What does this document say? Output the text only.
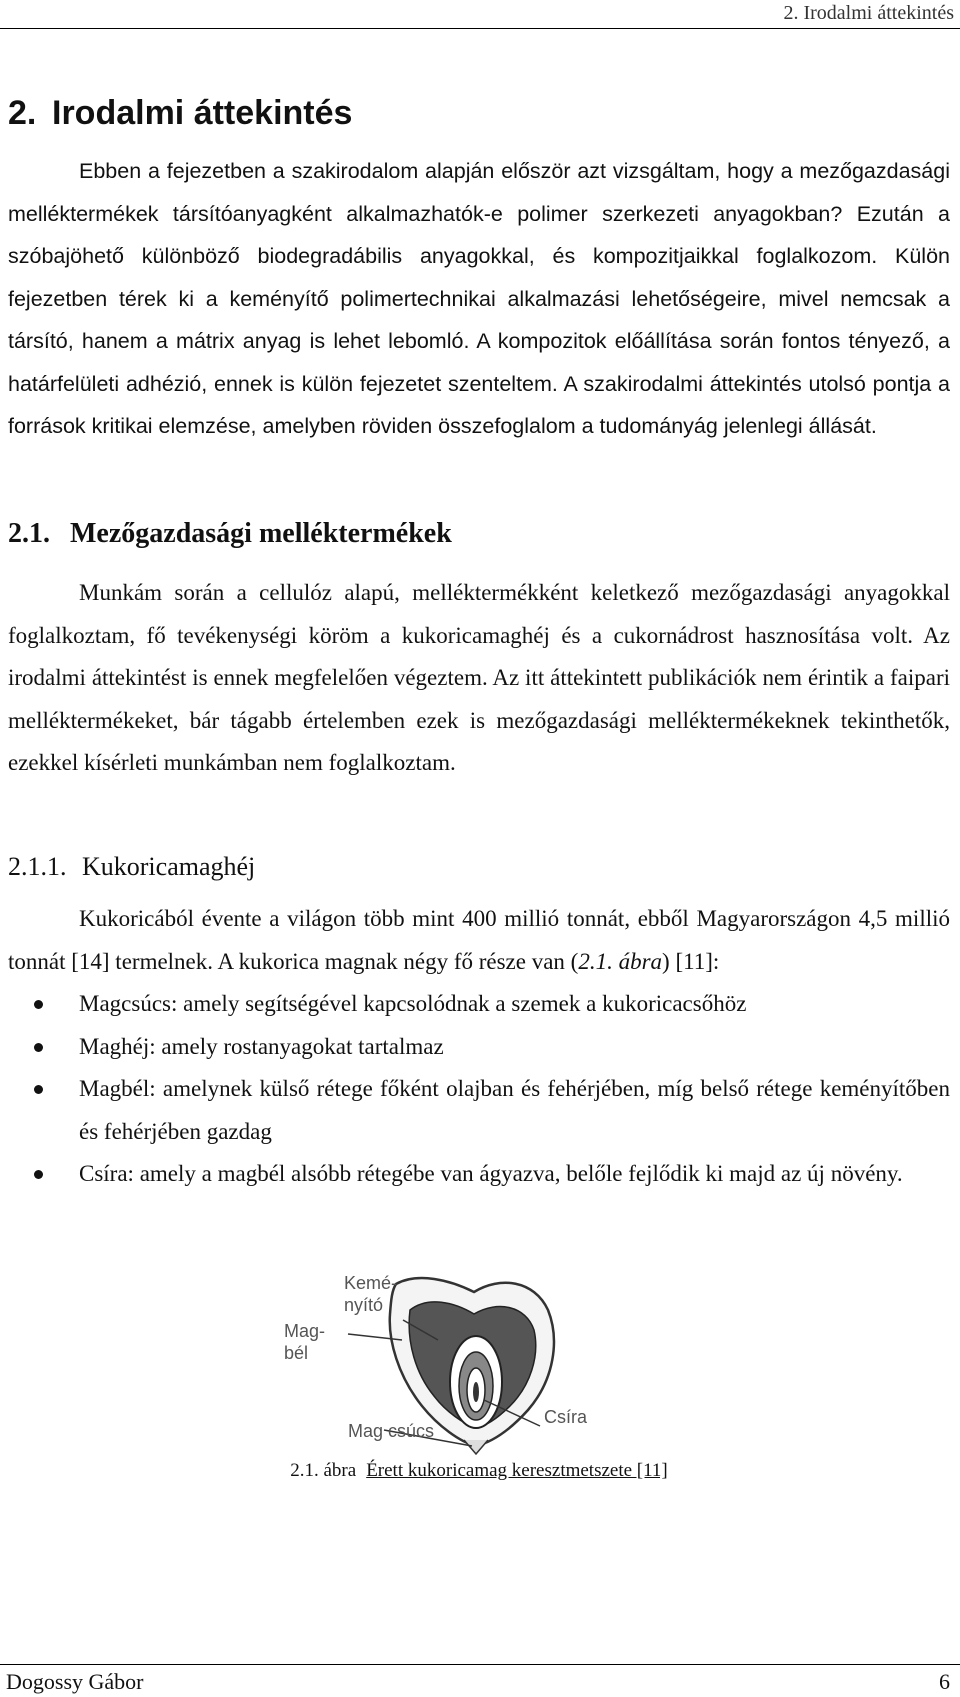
2. Irodalmi áttekintés
2. Irodalmi áttekintés
Ebben a fejezetben a szakirodalom alapján először azt vizsgáltam, hogy a mezőgazdasági melléktermékek társítóanyagként alkalmazhatók-e polimer szerkezeti anyagokban? Ezután a szóbajöhető különböző biodegradábilis anyagokkal, és kompozitjaikkal foglalkozom. Külön fejezetben térek ki a keményítő polimertechnikai alkalmazási lehetőségeire, mivel nemcsak a társító, hanem a mátrix anyag is lehet lebomló. A kompozitok előállítása során fontos tényező, a határfelületi adhézió, ennek is külön fejezetet szenteltem. A szakirodalmi áttekintés utolsó pontja a források kritikai elemzése, amelyben röviden összefoglalom a tudományág jelenlegi állását.
2.1. Mezőgazdasági melléktermékek
Munkám során a cellulóz alapú, melléktermékként keletkező mezőgazdasági anyagokkal foglalkoztam, fő tevékenységi köröm a kukoricamaghéj és a cukornádrost hasznosítása volt. Az irodalmi áttekintést is ennek megfelelően végeztem. Az itt áttekintett publikációk nem érintik a faipari melléktermékeket, bár tágabb értelemben ezek is mezőgazdasági melléktermékeknek tekinthetők, ezekkel kísérleti munkámban nem foglalkoztam.
2.1.1. Kukoricamaghéj
Kukoricából évente a világon több mint 400 millió tonnát, ebből Magyarországon 4,5 millió tonnát [14] termelnek. A kukorica magnak négy fő része van (2.1. ábra) [11]:
Magcsúcs: amely segítségével kapcsolódnak a szemek a kukoricacsőhöz
Maghéj: amely rostanyagokat tartalmaz
Magbél: amelynek külső rétege főként olajban és fehérjében, míg belső rétege keményítőben és fehérjében gazdag
Csíra: amely a magbél alsóbb rétegébe van ágyazva, belőle fejlődik ki majd az új növény.
Kemé-
nyító
Mag-
bél
Mag csúcs
Csíra
2.1. ábra Érett kukoricamag keresztmetszete [11]
Dogossy Gábor	6
